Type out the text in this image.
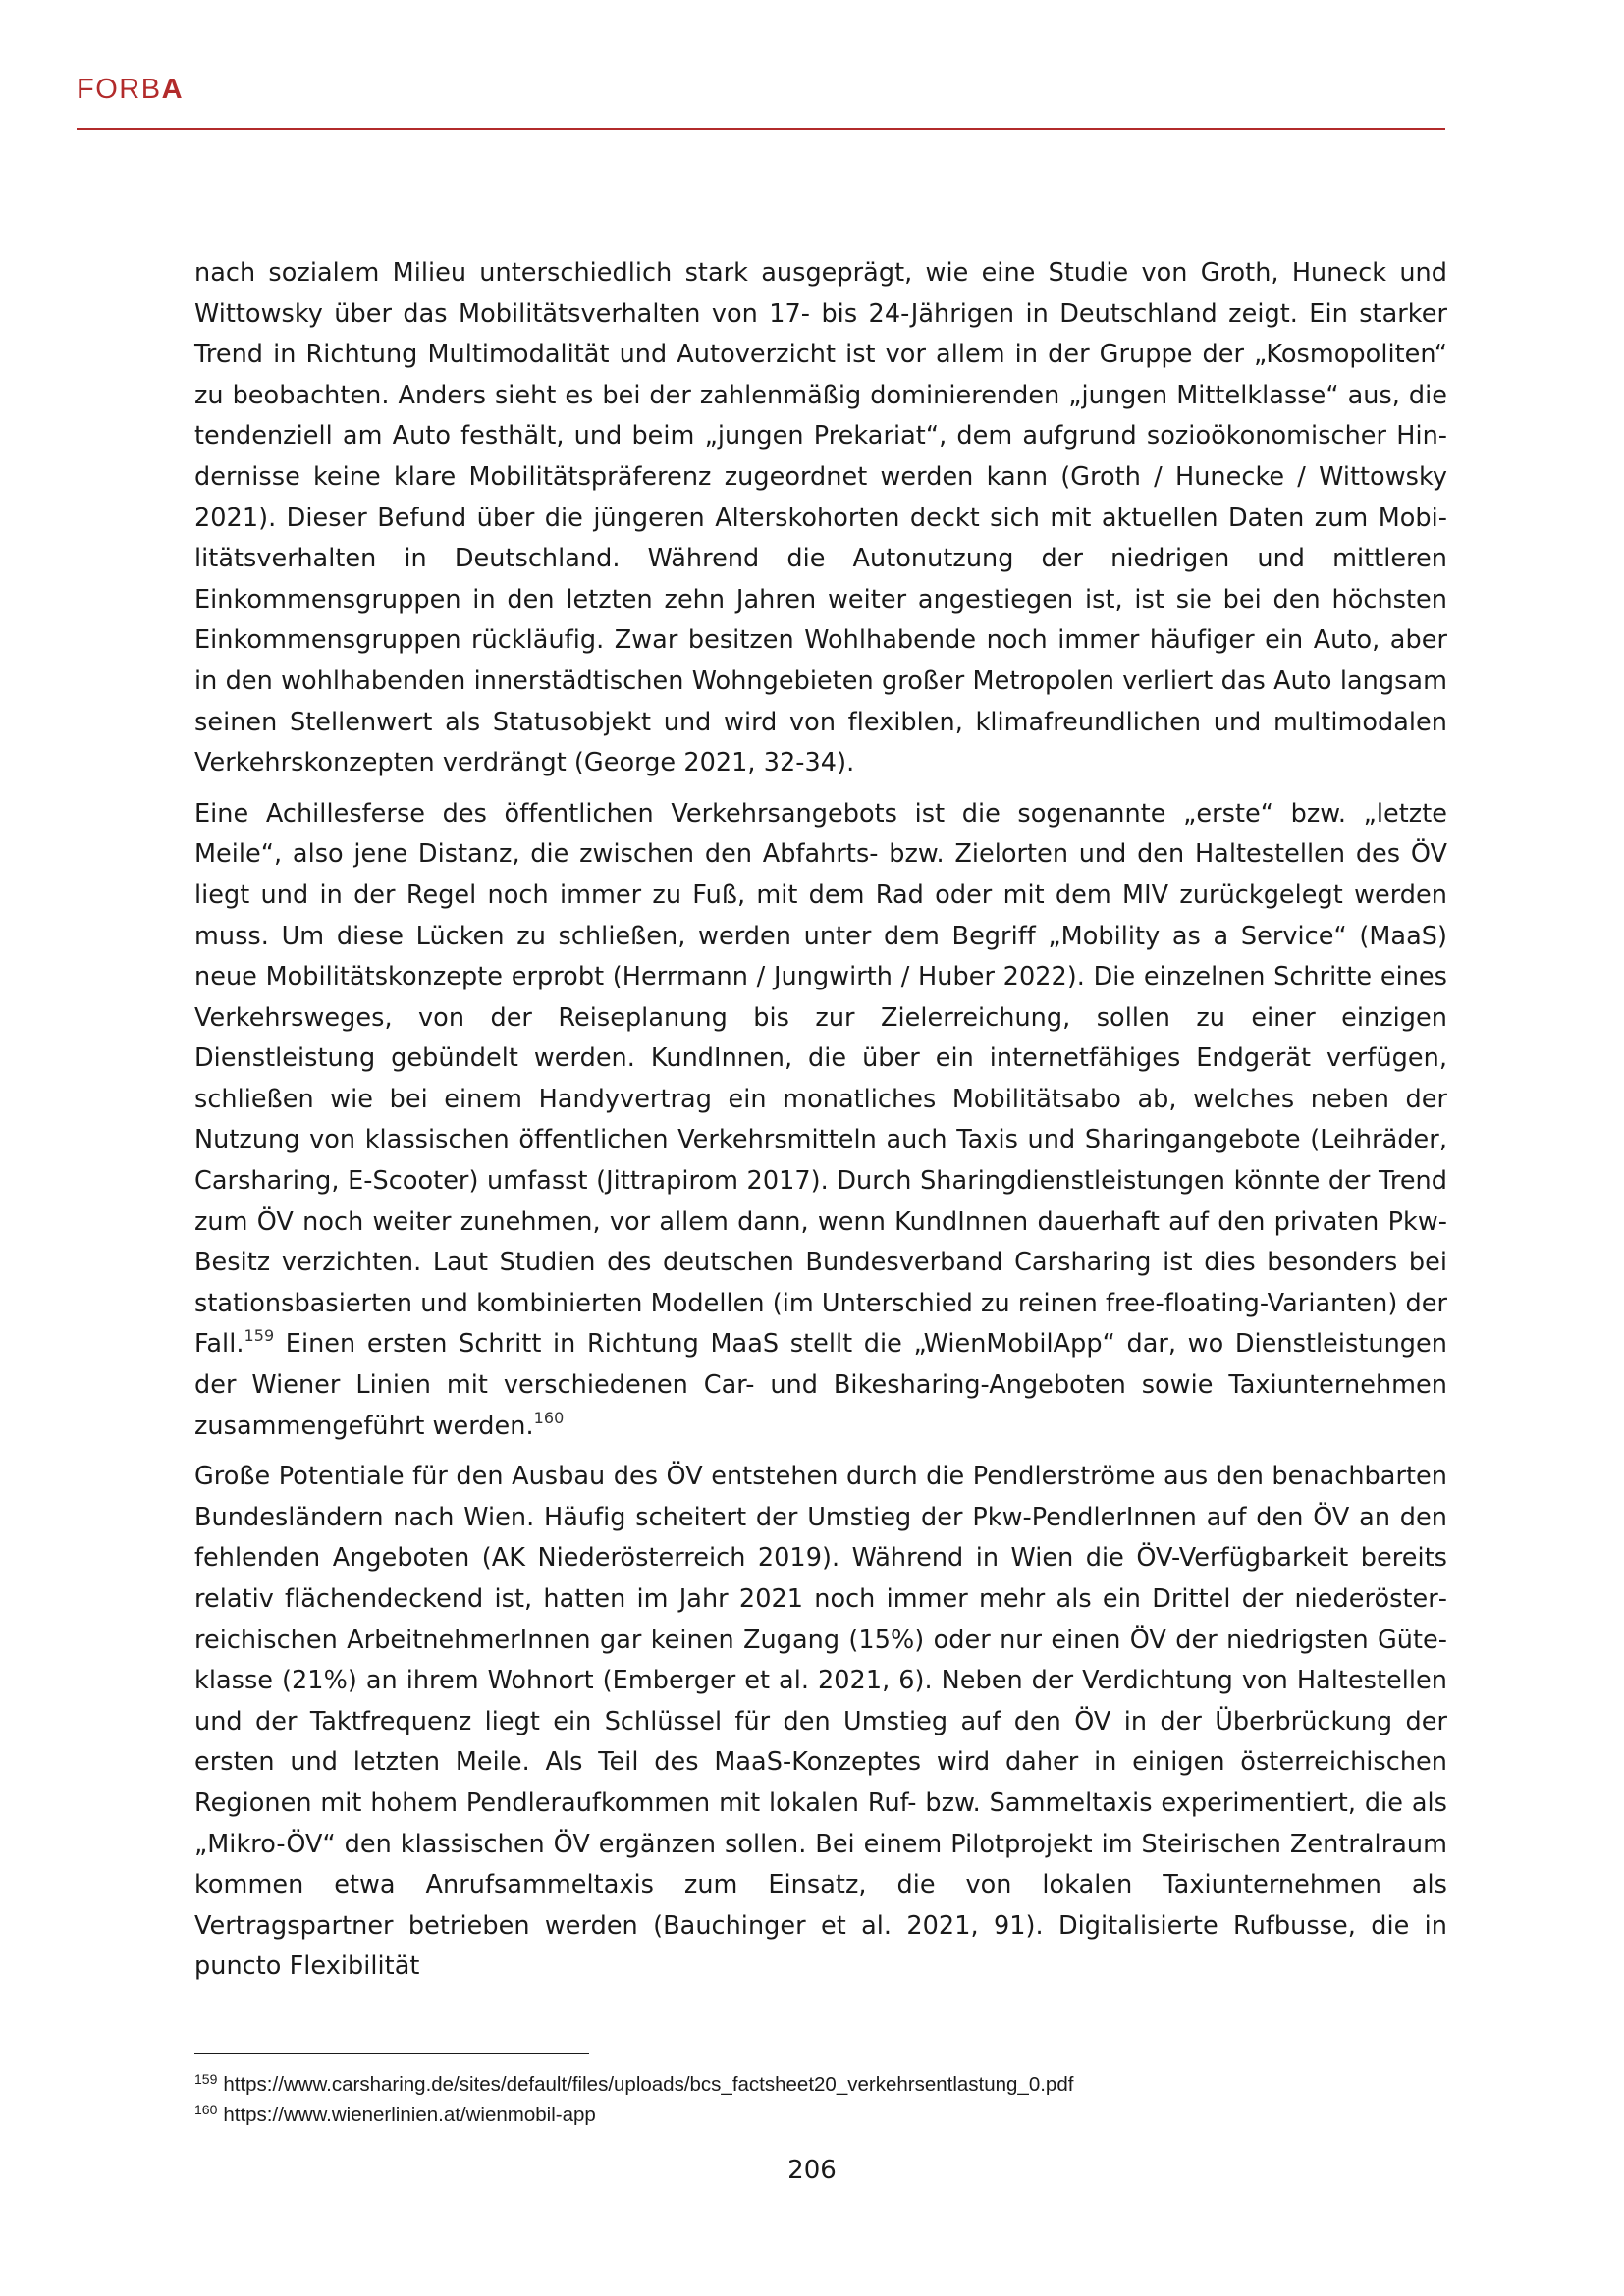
FORBA

nach sozialem Milieu unterschiedlich stark ausgeprägt, wie eine Studie von Groth, Huneck und Wittowsky über das Mobilitätsverhalten von 17- bis 24-Jährigen in Deutschland zeigt. Ein starker Trend in Richtung Multimodalität und Autoverzicht ist vor allem in der Gruppe der „Kosmopoliten“ zu beobachten. Anders sieht es bei der zahlenmäßig dominierenden „jungen Mittelklasse“ aus, die tendenziell am Auto festhält, und beim „jungen Prekariat“, dem aufgrund sozioökonomischer Hindernisse keine klare Mobilitätspräferenz zugeordnet werden kann (Groth / Hunecke / Wittowsky 2021). Dieser Befund über die jüngeren Alterskohorten deckt sich mit aktuellen Daten zum Mobilitätsverhalten in Deutschland. Während die Autonutzung der niedrigen und mittleren Einkommensgruppen in den letzten zehn Jahren weiter angestiegen ist, ist sie bei den höchsten Einkommensgruppen rückläufig. Zwar besitzen Wohlhabende noch immer häufiger ein Auto, aber in den wohlhabenden innerstädtischen Wohngebieten großer Metropolen verliert das Auto langsam seinen Stellenwert als Statusobjekt und wird von flexiblen, klimafreundlichen und multimodalen Verkehrskonzepten verdrängt (George 2021, 32-34).

Eine Achillesferse des öffentlichen Verkehrsangebots ist die sogenannte „erste“ bzw. „letzte Meile“, also jene Distanz, die zwischen den Abfahrts- bzw. Zielorten und den Haltestellen des ÖV liegt und in der Regel noch immer zu Fuß, mit dem Rad oder mit dem MIV zurückgelegt werden muss. Um diese Lücken zu schließen, werden unter dem Begriff „Mobility as a Service“ (MaaS) neue Mobilitätskonzepte erprobt (Herrmann / Jungwirth / Huber 2022). Die einzelnen Schritte eines Verkehrsweges, von der Reiseplanung bis zur Zielerreichung, sollen zu einer einzigen Dienstleistung gebündelt werden. KundInnen, die über ein internetfähiges Endgerät verfügen, schließen wie bei einem Handyvertrag ein monatliches Mobilitätsabo ab, welches neben der Nutzung von klassischen öffentlichen Verkehrsmitteln auch Taxis und Sharingangebote (Leihräder, Carsharing, E-Scooter) umfasst (Jittrapirom 2017). Durch Sharingdienstleistungen könnte der Trend zum ÖV noch weiter zunehmen, vor allem dann, wenn KundInnen dauerhaft auf den privaten Pkw-Besitz verzichten. Laut Studien des deutschen Bundesverband Carsharing ist dies besonders bei stationsbasierten und kombinierten Modellen (im Unterschied zu reinen free-floating-Varianten) der Fall.$^{159}$ Einen ersten Schritt in Richtung MaaS stellt die „WienMobilApp“ dar, wo Dienstleistungen der Wiener Linien mit verschiedenen Car- und Bikesharing-Angeboten sowie Taxiunternehmen zusammengeführt werden.$^{160}$

Große Potentiale für den Ausbau des ÖV entstehen durch die Pendlerströme aus den benachbarten Bundesländern nach Wien. Häufig scheitert der Umstieg der Pkw-PendlerInnen auf den ÖV an den fehlenden Angeboten (AK Niederösterreich 2019). Während in Wien die ÖV-Verfügbarkeit bereits relativ flächendeckend ist, hatten im Jahr 2021 noch immer mehr als ein Drittel der niederösterreichischen ArbeitnehmerInnen gar keinen Zugang (15%) oder nur einen ÖV der niedrigsten Güteklasse (21%) an ihrem Wohnort (Emberger et al. 2021, 6). Neben der Verdichtung von Haltestellen und der Taktfrequenz liegt ein Schlüssel für den Umstieg auf den ÖV in der Überbrückung der ersten und letzten Meile. Als Teil des MaaS-Konzeptes wird daher in einigen österreichischen Regionen mit hohem Pendleraufkommen mit lokalen Ruf- bzw. Sammeltaxis experimentiert, die als „Mikro-ÖV“ den klassischen ÖV ergänzen sollen. Bei einem Pilotprojekt im Steirischen Zentralraum kommen etwa Anrufsammeltaxis zum Einsatz, die von lokalen Taxiunternehmen als Vertragspartner betrieben werden (Bauchinger et al. 2021, 91). Digitalisierte Rufbusse, die in puncto Flexibilität

$^{159}$ https://www.carsharing.de/sites/default/files/uploads/bcs_factsheet20_verkehrsentlastung_0.pdf
$^{160}$ https://www.wienerlinien.at/wienmobil-app
206
